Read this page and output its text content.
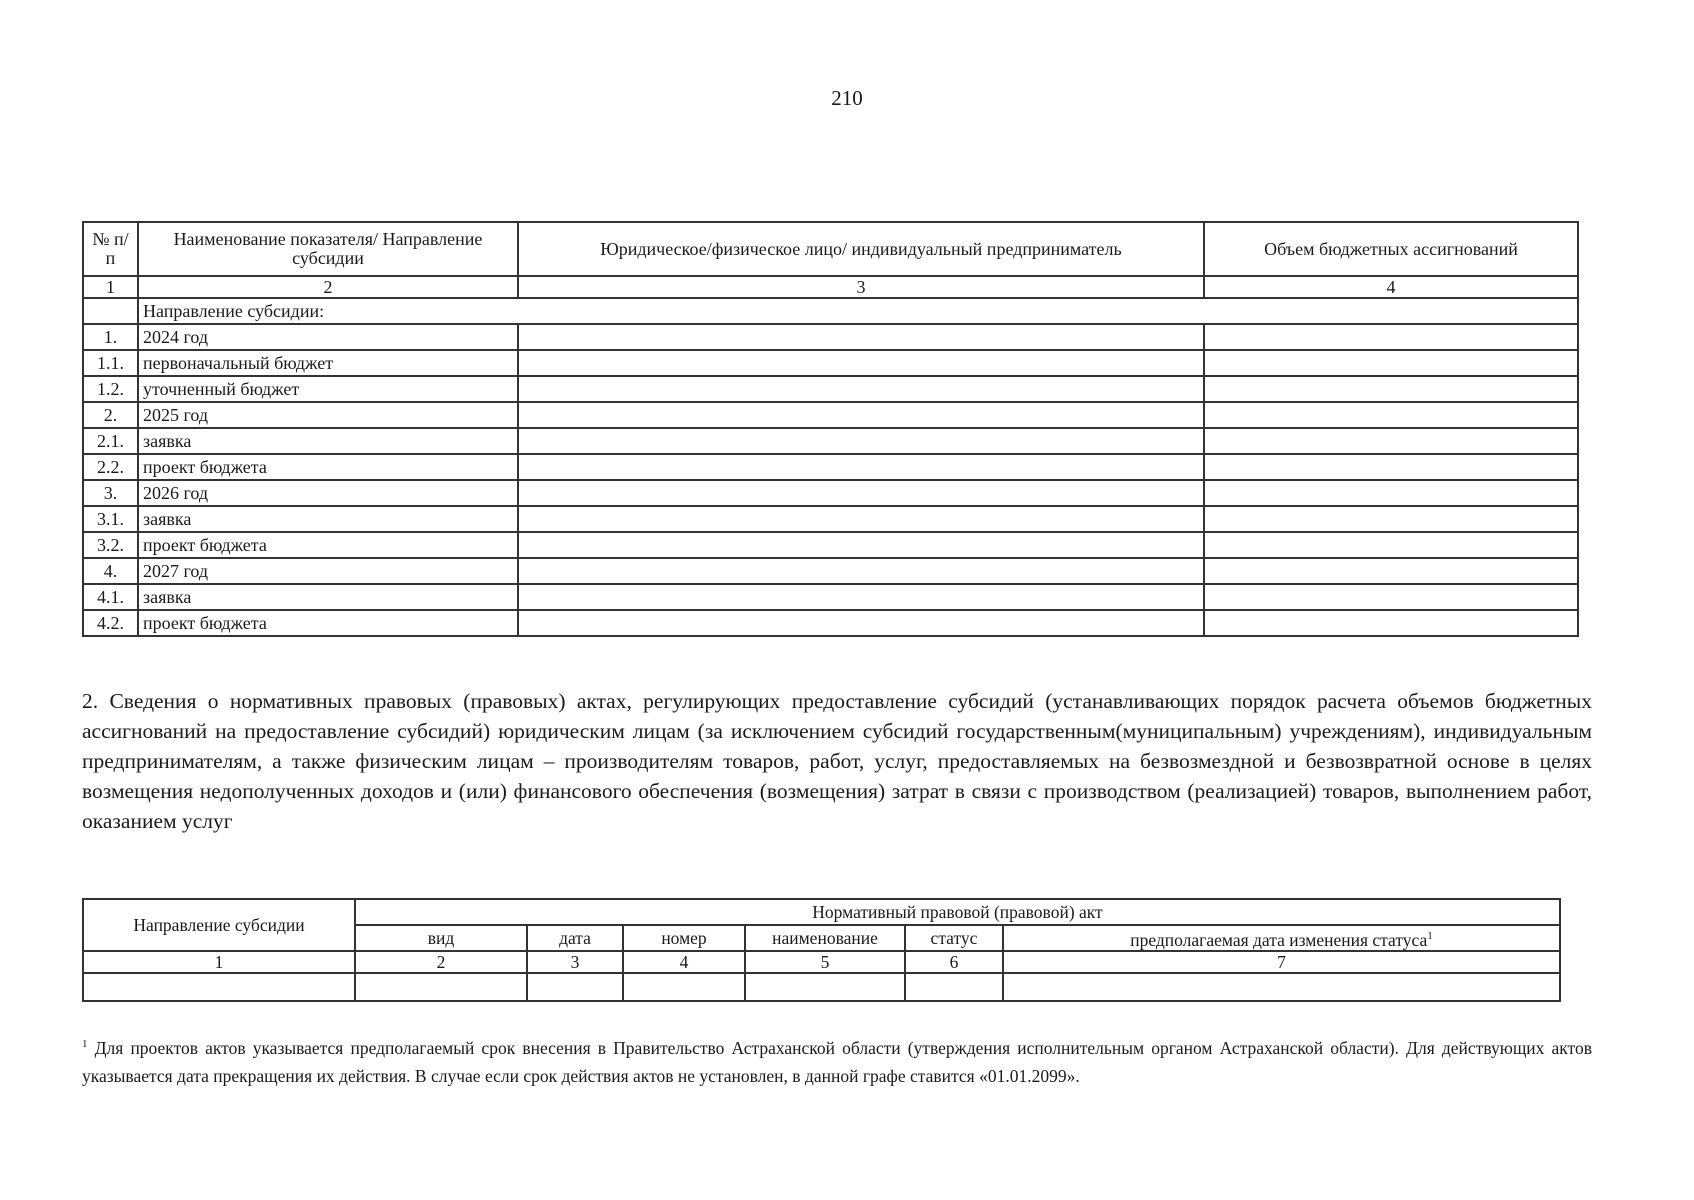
210
№ п/п	Наименование показателя/ Направление субсидии	Юридическое/физическое лицо/ индивидуальный предприниматель	Объем бюджетных ассигнований
1	2	3	4
	Направление субсидии:		
1.	2024 год		
1.1.	первоначальный бюджет		
1.2.	уточненный бюджет		
2.	2025 год		
2.1.	заявка		
2.2.	проект бюджета		
3.	2026 год		
3.1.	заявка		
3.2.	проект бюджета		
4.	2027 год		
4.1.	заявка		
4.2.	проект бюджета		

2. Сведения о нормативных правовых (правовых) актах, регулирующих предоставление субсидий (устанавливающих порядок расчета объемов бюджетных ассигнований на предоставление субсидий) юридическим лицам (за исключением субсидий государственным(муниципальным) учреждениям), индивидуальным предпринимателям, а также физическим лицам – производителям товаров, работ, услуг, предоставляемых на безвозмездной и безвозвратной основе в целях возмещения недополученных доходов и (или) финансового обеспечения (возмещения) затрат в связи с производством (реализацией) товаров, выполнением работ, оказанием услуг

Направление субсидии	Нормативный правовой (правовой) акт					
	вид	дата	номер	наименование	статус	предполагаемая дата изменения статуса$^1$
1	2	3	4	5	6	7

$^1$ Для проектов актов указывается предполагаемый срок внесения в Правительство Астраханской области (утверждения исполнительным органом Астраханской области). Для действующих актов указывается дата прекращения их действия. В случае если срок действия актов не установлен, в данной графе ставится «01.01.2099».
